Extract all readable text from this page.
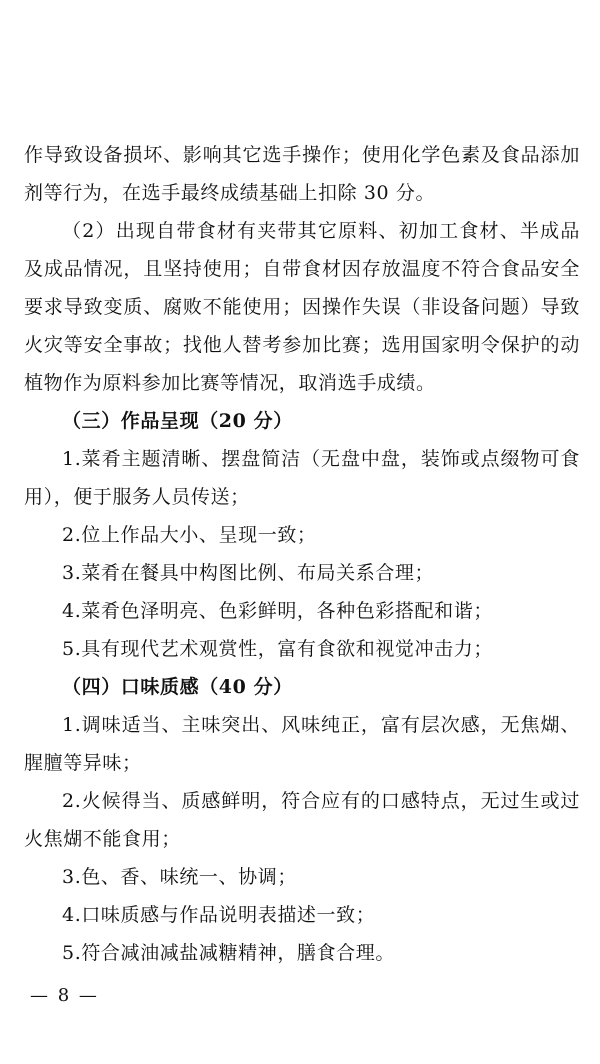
作导致设备损坏、影响其它选手操作；使用化学色素及食品添加剂等行为，在选手最终成绩基础上扣除 30 分。

（2）出现自带食材有夹带其它原料、初加工食材、半成品及成品情况，且坚持使用；自带食材因存放温度不符合食品安全要求导致变质、腐败不能使用；因操作失误（非设备问题）导致火灾等安全事故；找他人替考参加比赛；选用国家明令保护的动植物作为原料参加比赛等情况，取消选手成绩。

（三）作品呈现（20 分）

1.菜肴主题清晰、摆盘简洁（无盘中盘，装饰或点缀物可食用），便于服务人员传送；

2.位上作品大小、呈现一致；

3.菜肴在餐具中构图比例、布局关系合理；

4.菜肴色泽明亮、色彩鲜明，各种色彩搭配和谐；

5.具有现代艺术观赏性，富有食欲和视觉冲击力；

（四）口味质感（40 分）

1.调味适当、主味突出、风味纯正，富有层次感，无焦煳、腥膻等异味；

2.火候得当、质感鲜明，符合应有的口感特点，无过生或过火焦煳不能食用；

3.色、香、味统一、协调；

4.口味质感与作品说明表描述一致；

5.符合减油减盐减糖精神，膳食合理。

— 8 —
